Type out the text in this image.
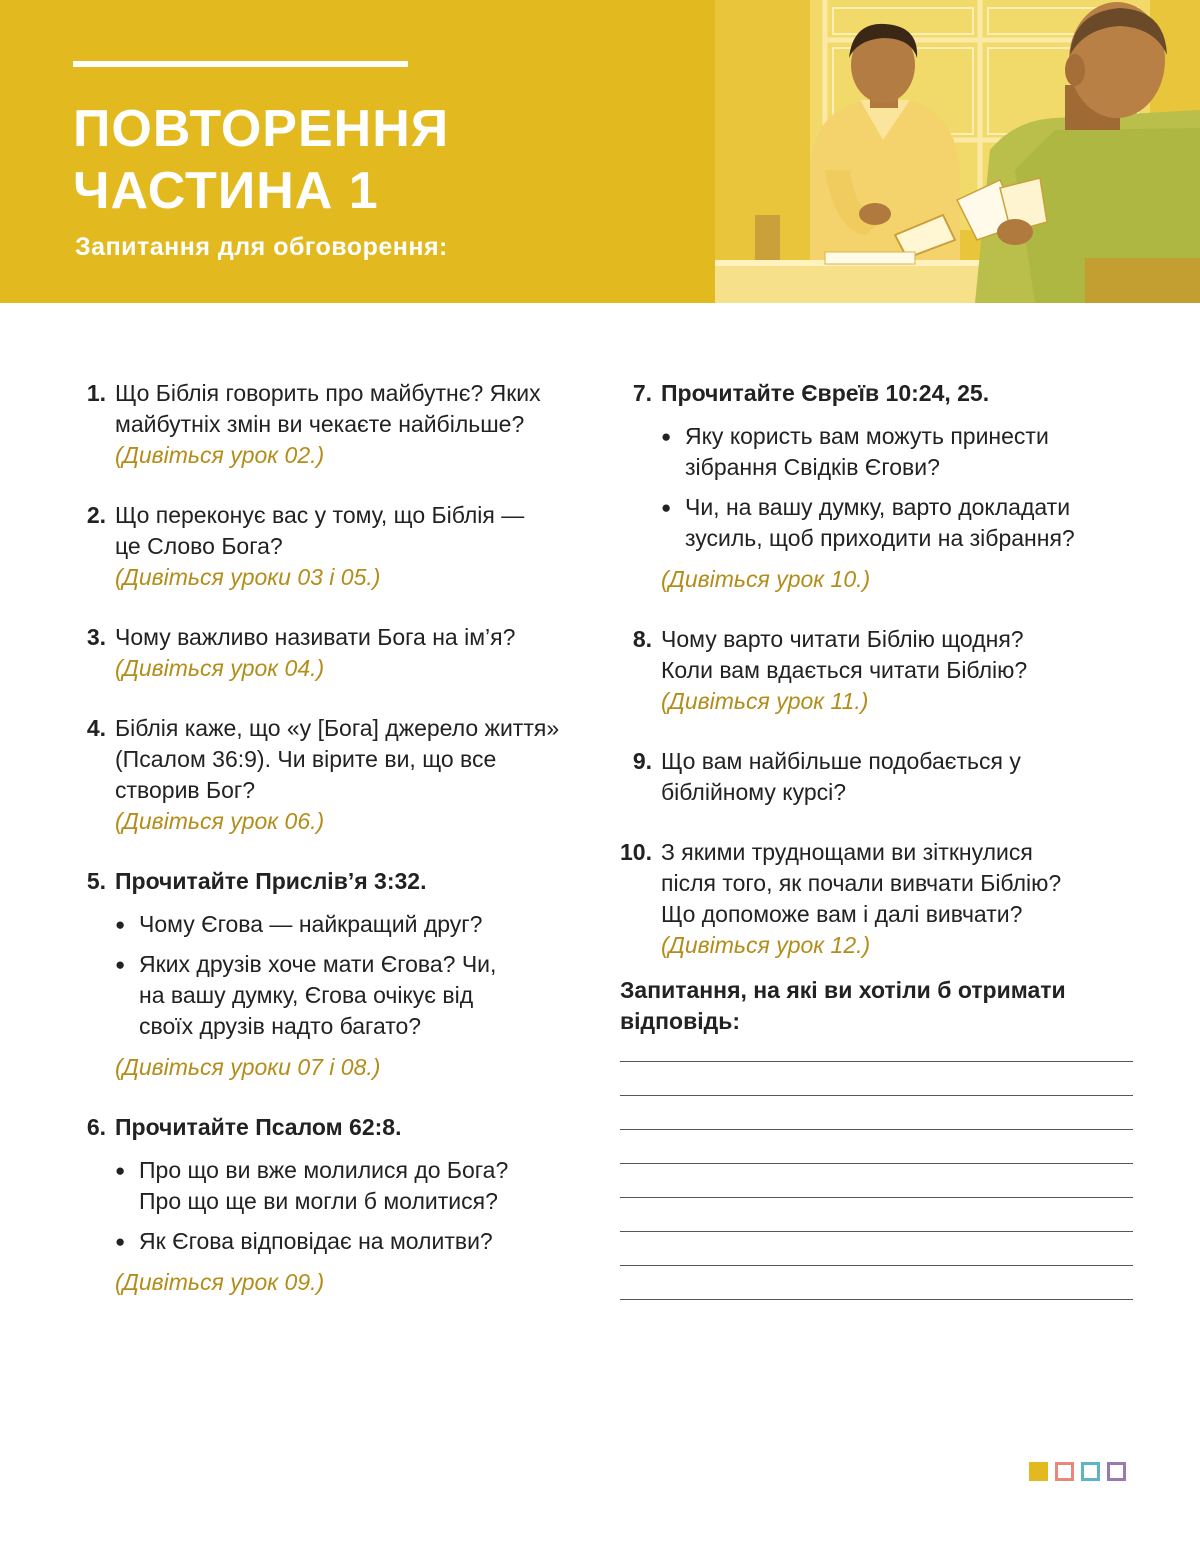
ПОВТОРЕННЯ
ЧАСТИНА 1
Запитання для обговорення:
1. Що Біблія говорить про майбутнє? Яких майбутніх змін ви чекаєте найбільше?
(Дивіться урок 02.)
2. Що переконує вас у тому, що Біблія — це Слово Бога?
(Дивіться уроки 03 і 05.)
3. Чому важливо називати Бога на ім’я?
(Дивіться урок 04.)
4. Біблія каже, що «у [Бога] джерело життя» (Псалом 36:9). Чи вірите ви, що все створив Бог?
(Дивіться урок 06.)
5. Прочитайте Прислів’я 3:32.
● Чому Єгова — найкращий друг?
● Яких друзів хоче мати Єгова? Чи, на вашу думку, Єгова очікує від своїх друзів надто багато?
(Дивіться уроки 07 і 08.)
6. Прочитайте Псалом 62:8.
● Про що ви вже молилися до Бога? Про що ще ви могли б молитися?
● Як Єгова відповідає на молитви?
(Дивіться урок 09.)
7. Прочитайте Євреїв 10:24, 25.
● Яку користь вам можуть принести зібрання Свідків Єгови?
● Чи, на вашу думку, варто докладати зусиль, щоб приходити на зібрання?
(Дивіться урок 10.)
8. Чому варто читати Біблію щодня? Коли вам вдається читати Біблію?
(Дивіться урок 11.)
9. Що вам найбільше подобається у біблійному курсі?
10. З якими труднощами ви зіткнулися після того, як почали вивчати Біблію? Що допоможе вам і далі вивчати?
(Дивіться урок 12.)
Запитання, на які ви хотіли б отримати відповідь:
